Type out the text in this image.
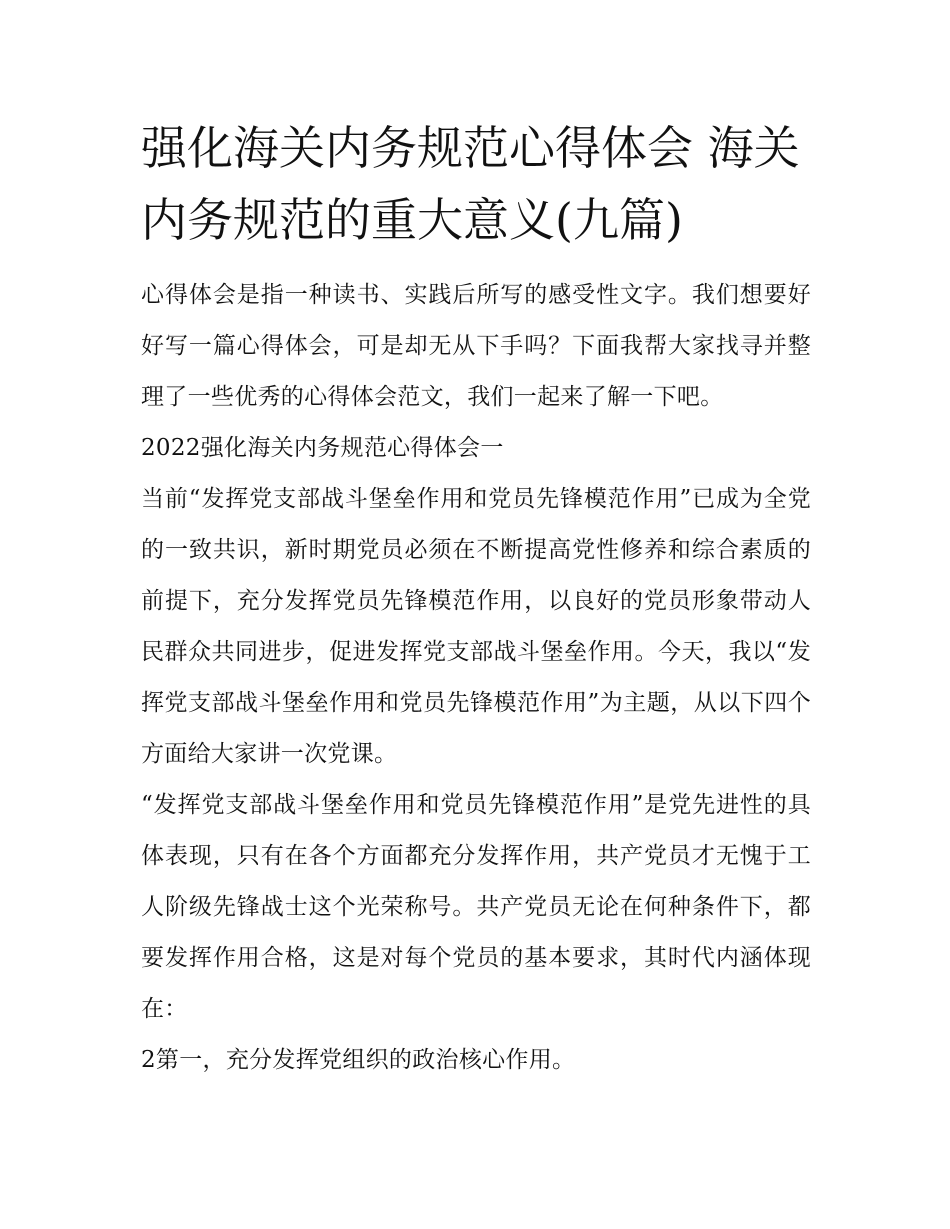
强化海关内务规范心得体会 海关内务规范的重大意义(九篇)

心得体会是指一种读书、实践后所写的感受性文字。我们想要好好写一篇心得体会，可是却无从下手吗？下面我帮大家找寻并整理了一些优秀的心得体会范文，我们一起来了解一下吧。

2022强化海关内务规范心得体会一

当前“发挥党支部战斗堡垒作用和党员先锋模范作用”已成为全党的一致共识，新时期党员必须在不断提高党性修养和综合素质的前提下，充分发挥党员先锋模范作用，以良好的党员形象带动人民群众共同进步，促进发挥党支部战斗堡垒作用。今天，我以“发挥党支部战斗堡垒作用和党员先锋模范作用”为主题，从以下四个方面给大家讲一次党课。

“发挥党支部战斗堡垒作用和党员先锋模范作用”是党先进性的具体表现，只有在各个方面都充分发挥作用，共产党员才无愧于工人阶级先锋战士这个光荣称号。共产党员无论在何种条件下，都要发挥作用合格，这是对每个党员的基本要求，其时代内涵体现在：

2第一，充分发挥党组织的政治核心作用。
